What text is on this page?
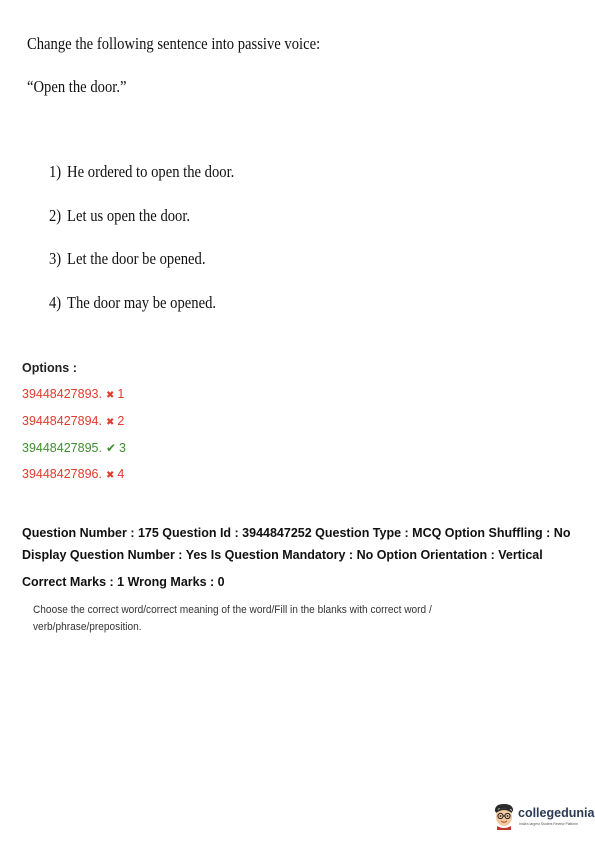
Change the following sentence into passive voice:
“Open the door.”
1) He ordered to open the door.
2) Let us open the door.
3) Let the door be opened.
4) The door may be opened.
Options :
39448427893. ✖ 1
39448427894. ✖ 2
39448427895. ✔ 3
39448427896. ✖ 4
Question Number : 175 Question Id : 3944847252 Question Type : MCQ Option Shuffling : No
Display Question Number : Yes Is Question Mandatory : No Option Orientation : Vertical
Correct Marks : 1 Wrong Marks : 0
Choose the correct word/correct meaning of the word/Fill in the blanks with correct word / verb/phrase/preposition.
collegedunia
India's largest Student Review Platform
